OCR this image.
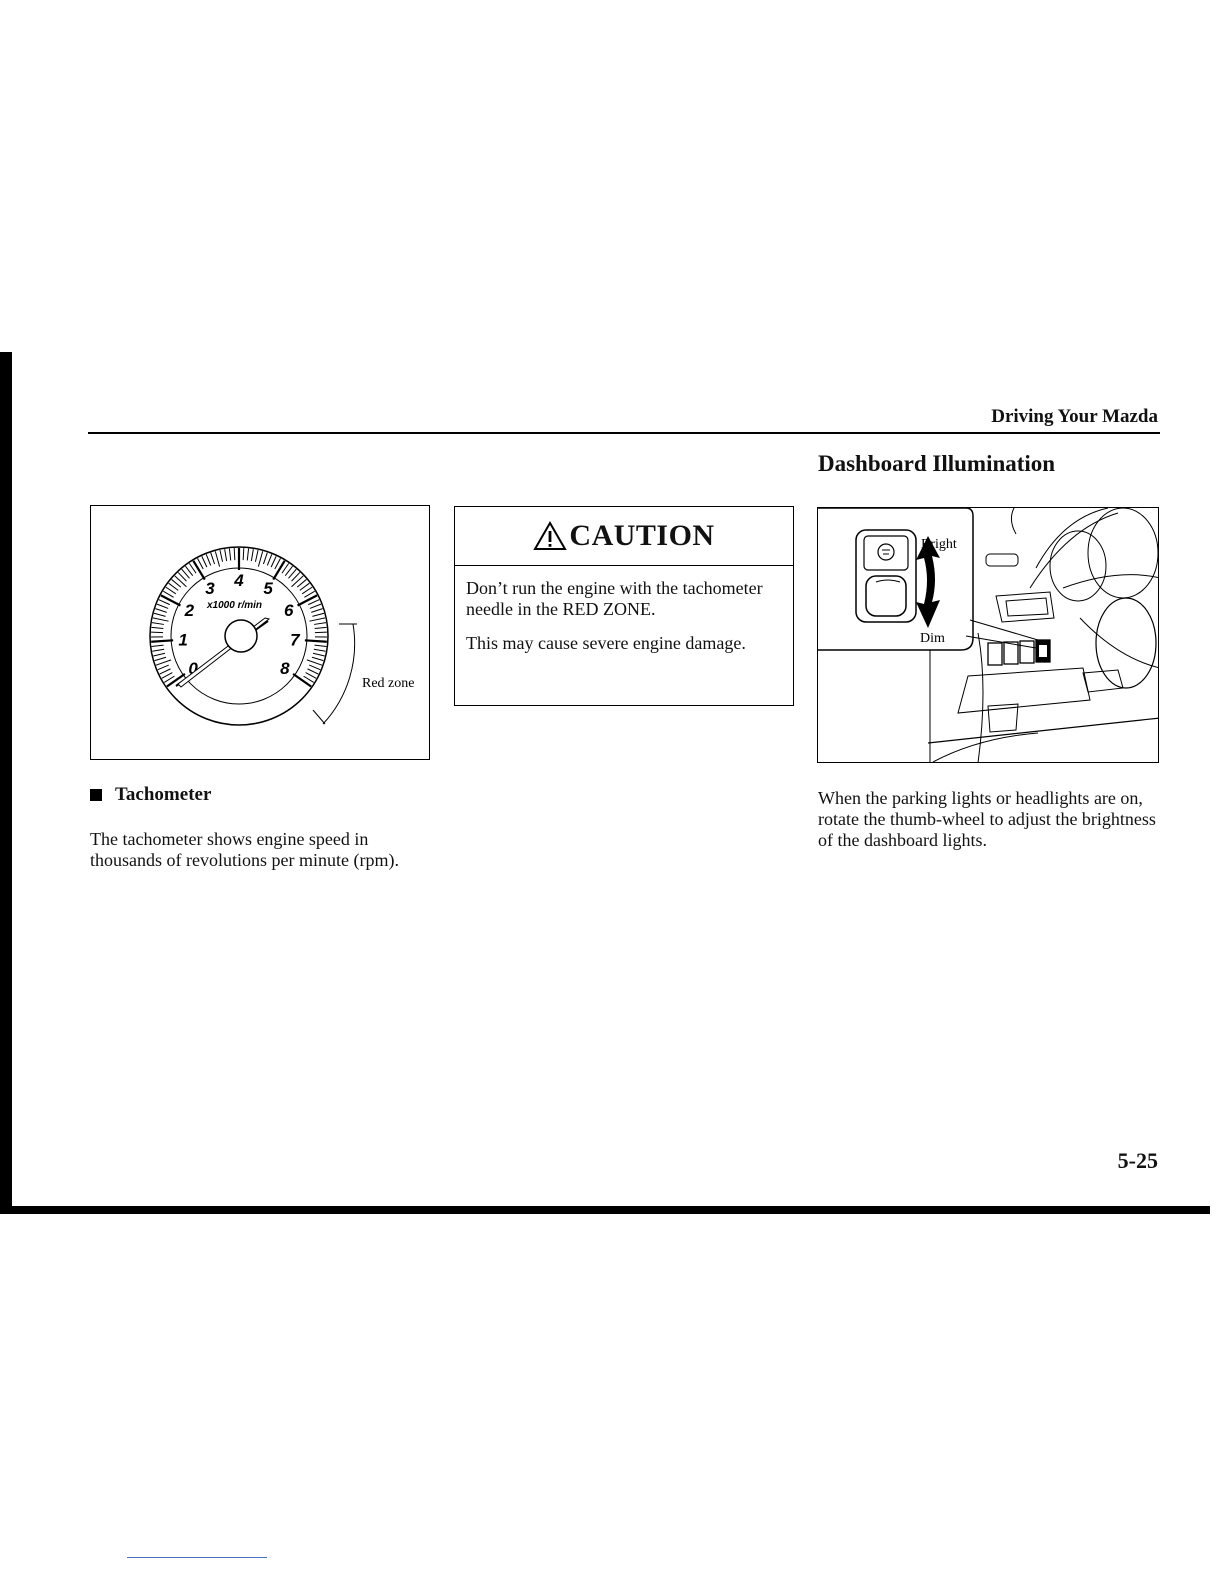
Driving Your Mazda
Dashboard Illumination
0
1
2
3 4 5
6
7
8
x1000 r/min
Red zone
CAUTION

Don’t run the engine with the tachometer needle in the RED ZONE.

This may cause severe engine damage.

Bright
Dim
Tachometer
The tachometer shows engine speed in thousands of revolutions per minute (rpm).
When the parking lights or headlights are on, rotate the thumb-wheel to adjust the brightness of the dashboard lights.
5-25
